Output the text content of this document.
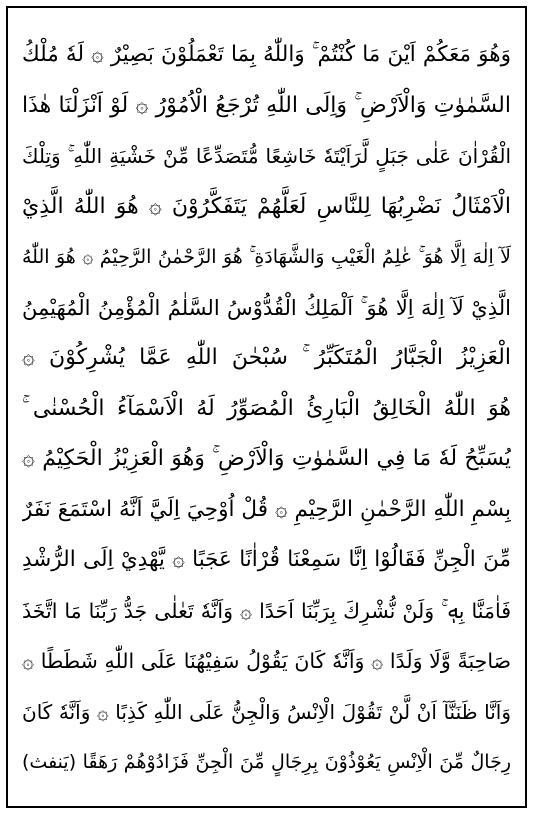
وَهُوَ مَعَكُمْ اَيْنَ مَا كُنْتُمْ ۚ وَاللّٰهُ بِمَا تَعْمَلُوْنَ بَصِيْرٌ ۞ لَهٗ مُلْكُ
السَّمٰوٰتِ وَالْاَرْضِ ۚ وَاِلَى اللّٰهِ تُرْجَعُ الْاُمُوْرُ ۞ لَوْ اَنْزَلْنَا هٰذَا
الْقُرْاٰنَ عَلٰى جَبَلٍ لَّرَاَيْتَهٗ خَاشِعًا مُّتَصَدِّعًا مِّنْ خَشْيَةِ اللّٰهِ ۚ وَتِلْكَ
الْاَمْثَالُ نَضْرِبُهَا لِلنَّاسِ لَعَلَّهُمْ يَتَفَكَّرُوْنَ ۞ هُوَ اللّٰهُ الَّذِيْ
لَآ اِلٰهَ اِلَّا هُوَ ۚ عٰلِمُ الْغَيْبِ وَالشَّهَادَةِ ۚ هُوَ الرَّحْمٰنُ الرَّحِيْمُ ۞ هُوَ اللّٰهُ
الَّذِيْ لَآ اِلٰهَ اِلَّا هُوَ ۚ اَلْمَلِكُ الْقُدُّوْسُ السَّلٰمُ الْمُؤْمِنُ الْمُهَيْمِنُ
الْعَزِيْزُ الْجَبَّارُ الْمُتَكَبِّرُ ۚ سُبْحٰنَ اللّٰهِ عَمَّا يُشْرِكُوْنَ ۞
هُوَ اللّٰهُ الْخَالِقُ الْبَارِئُ الْمُصَوِّرُ لَهُ الْاَسْمَآءُ الْحُسْنٰى ۚ
يُسَبِّحُ لَهٗ مَا فِي السَّمٰوٰتِ وَالْاَرْضِ ۚ وَهُوَ الْعَزِيْزُ الْحَكِيْمُ ۞
بِسْمِ اللّٰهِ الرَّحْمٰنِ الرَّحِيْمِ ۞ قُلْ اُوْحِيَ اِلَيَّ اَنَّهُ اسْتَمَعَ نَفَرٌ
مِّنَ الْجِنِّ فَقَالُوْا اِنَّا سَمِعْنَا قُرْاٰنًا عَجَبًا ۞ يَّهْدِيْ اِلَى الرُّشْدِ
فَاٰمَنَّا بِهٖ ۚ وَلَنْ نُّشْرِكَ بِرَبِّنَا اَحَدًا ۞ وَاَنَّهٗ تَعٰلٰى جَدُّ رَبِّنَا مَا اتَّخَذَ
صَاحِبَةً وَّلَا وَلَدًا ۞ وَاَنَّهٗ كَانَ يَقُوْلُ سَفِيْهُنَا عَلَى اللّٰهِ شَطَطًا ۞
وَاَنَّا ظَنَنَّآ اَنْ لَّنْ تَقُوْلَ الْاِنْسُ وَالْجِنُّ عَلَى اللّٰهِ كَذِبًا ۞ وَاَنَّهٗ كَانَ
رِجَالٌ مِّنَ الْاِنْسِ يَعُوْذُوْنَ بِرِجَالٍ مِّنَ الْجِنِّ فَزَادُوْهُمْ رَهَقًا (يَنفث)
